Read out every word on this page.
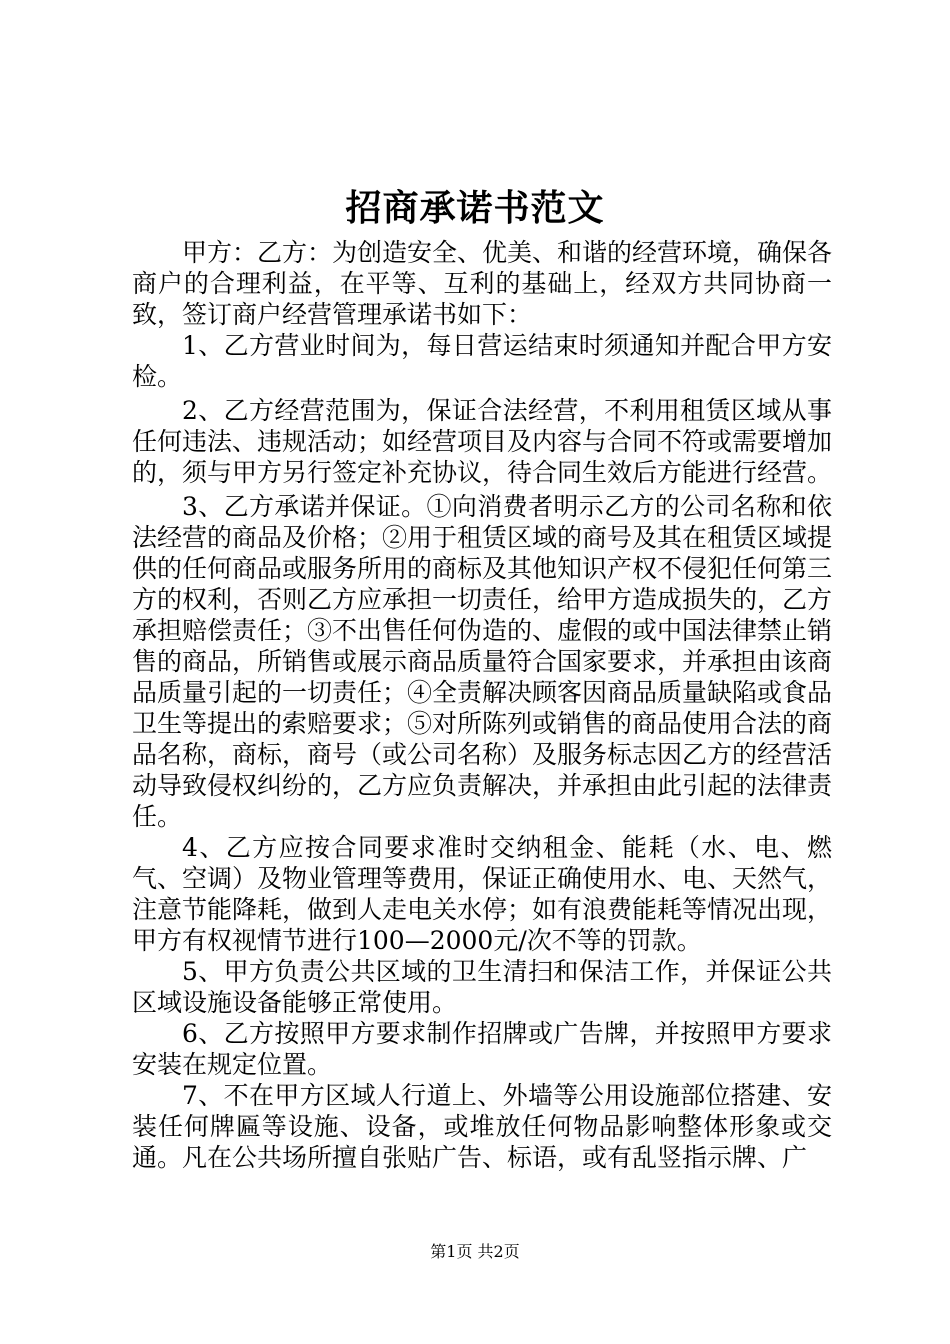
招商承诺书范文

甲方：乙方：为创造安全、优美、和谐的经营环境，确保各商户的合理利益，在平等、互利的基础上，经双方共同协商一致，签订商户经营管理承诺书如下：

1、乙方营业时间为，每日营运结束时须通知并配合甲方安检。

2、乙方经营范围为，保证合法经营，不利用租赁区域从事任何违法、违规活动；如经营项目及内容与合同不符或需要增加的，须与甲方另行签定补充协议，待合同生效后方能进行经营。

3、乙方承诺并保证。①向消费者明示乙方的公司名称和依法经营的商品及价格；②用于租赁区域的商号及其在租赁区域提供的任何商品或服务所用的商标及其他知识产权不侵犯任何第三方的权利，否则乙方应承担一切责任，给甲方造成损失的，乙方承担赔偿责任；③不出售任何伪造的、虚假的或中国法律禁止销售的商品，所销售或展示商品质量符合国家要求，并承担由该商品质量引起的一切责任；④全责解决顾客因商品质量缺陷或食品卫生等提出的索赔要求；⑤对所陈列或销售的商品使用合法的商品名称，商标，商号（或公司名称）及服务标志因乙方的经营活动导致侵权纠纷的，乙方应负责解决，并承担由此引起的法律责任。

4、乙方应按合同要求准时交纳租金、能耗（水、电、燃气、空调）及物业管理等费用，保证正确使用水、电、天然气，注意节能降耗，做到人走电关水停；如有浪费能耗等情况出现，甲方有权视情节进行100—2000元/次不等的罚款。

5、甲方负责公共区域的卫生清扫和保洁工作，并保证公共区域设施设备能够正常使用。

6、乙方按照甲方要求制作招牌或广告牌，并按照甲方要求安装在规定位置。

7、不在甲方区域人行道上、外墙等公用设施部位搭建、安装任何牌匾等设施、设备，或堆放任何物品影响整体形象或交通。凡在公共场所擅自张贴广告、标语，或有乱竖指示牌、广

第1页 共2页
